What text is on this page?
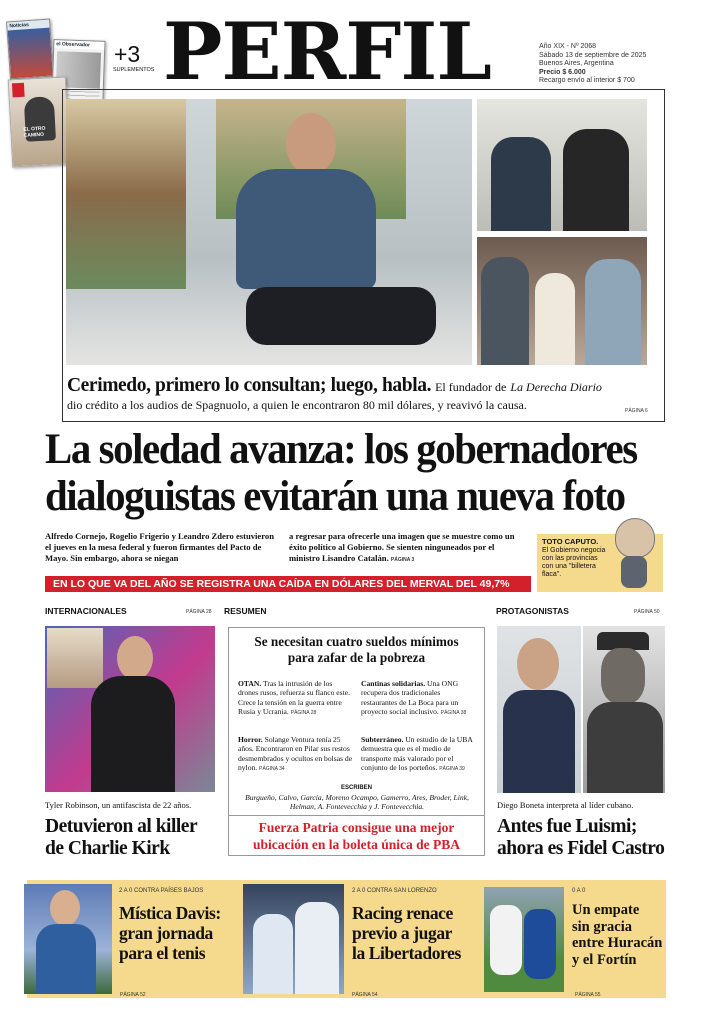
Noticias
el Observador
EL OTRO CAMINO
+3
SUPLEMENTOS PERFIL	Año XIX - Nº 2068
Sábado 13 de septiembre de 2025
Buenos Aires, Argentina
Precio $ 6.000
Recargo envío al interior $ 700
Cerimedo, primero lo consultan; luego, habla. El fundador de La Derecha Diario
dio crédito a los audios de Spagnuolo, a quien le encontraron 80 mil dólares, y reavivó la causa.	PÁGINA 6
La soledad avanza: los gobernadores
dialoguistas evitarán una nueva foto
Alfredo Cornejo, Rogelio Frigerio y Leandro Zdero estuvieron el jueves en la mesa federal y fueron firmantes del Pacto de Mayo. Sin embargo, ahora se niegan
a regresar para ofrecerle una imagen que se muestre como un éxito político al Gobierno. Se sienten ninguneados por el ministro Lisandro Catalán. PÁGINA 3
EN LO QUE VA DEL AÑO SE REGISTRA UNA CAÍDA EN DÓLARES DEL MERVAL DEL 49,7%
TOTO CAPUTO.
El Gobierno negocia con las provincias con una "billetera flaca".
INTERNACIONALES	PÁGINA 28
Tyler Robinson, un antifascista de 22 años.
Detuvieron al killer
de Charlie Kirk
RESUMEN
Se necesitan cuatro sueldos mínimos
para zafar de la pobreza
OTAN. Tras la intrusión de los drones rusos, refuerza su flanco este. Crece la tensión en la guerra entre Rusia y Ucrania. PÁGINA 28
Horror. Solange Ventura tenía 25 años. Encontraron en Pilar sus restos desmembrados y ocultos en bolsas de nylon. PÁGINA 34
Cantinas solidarias. Una ONG recupera dos tradicionales restaurantes de La Boca para un proyecto social inclusivo. PÁGINA 38
Subterráneo. Un estudio de la UBA demuestra que es el medio de transporte más valorado por el conjunto de los porteños. PÁGINA 39
ESCRIBEN
Burgueño, Calvo, García, Moreno Ocampo, Gamerro, Ares, Broder, Link, Helman, A. Fontevecchia y J. Fontevecchia.
Fuerza Patria consigue una mejor
ubicación en la boleta única de PBA
PROTAGONISTAS	PÁGINA 50
Diego Boneta interpreta al líder cubano.
Antes fue Luismi;
ahora es Fidel Castro
2 A 0 CONTRA PAÍSES BAJOS
Mística Davis:
gran jornada
para el tenis
PÁGINA 52
2 A 0 CONTRA SAN LORENZO
Racing renace
previo a jugar
la Libertadores
PÁGINA 54
0 A 0
Un empate
sin gracia
entre Huracán
y el Fortín
PÁGINA 55
